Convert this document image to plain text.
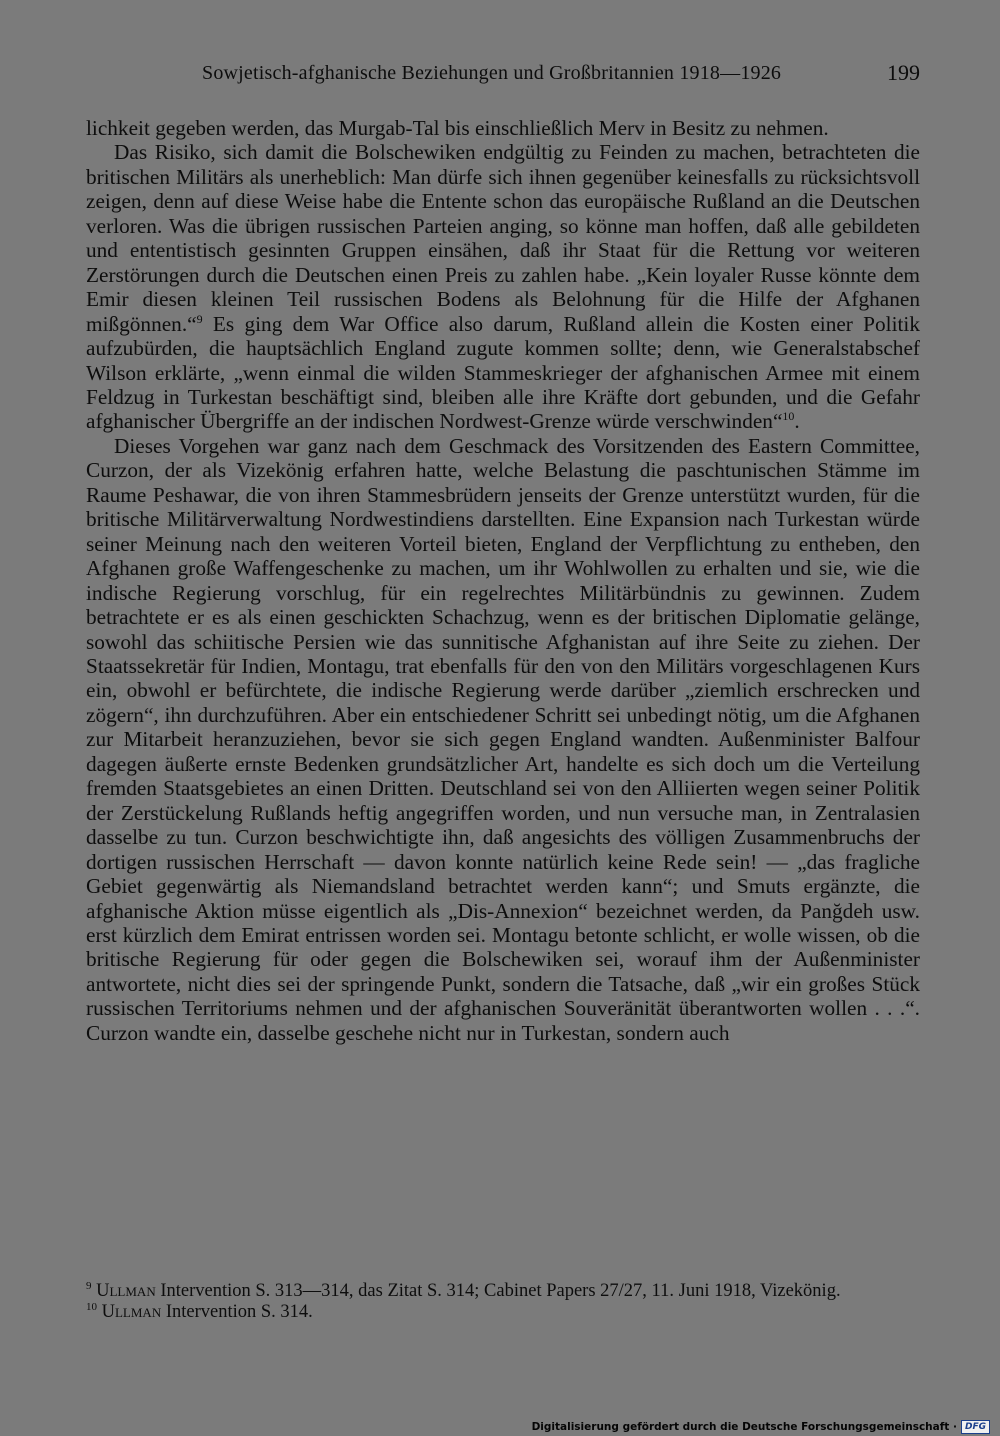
Sowjetisch-afghanische Beziehungen und Großbritannien 1918—1926	199

lichkeit gegeben werden, das Murgab-Tal bis einschließlich Merv in Besitz zu nehmen.

Das Risiko, sich damit die Bolschewiken endgültig zu Feinden zu machen, betrachteten die britischen Militärs als unerheblich: Man dürfe sich ihnen gegenüber keinesfalls zu rücksichtsvoll zeigen, denn auf diese Weise habe die Entente schon das europäische Rußland an die Deutschen verloren. Was die übrigen russischen Parteien anging, so könne man hoffen, daß alle gebildeten und ententistisch gesinnten Gruppen einsähen, daß ihr Staat für die Rettung vor weiteren Zerstörungen durch die Deutschen einen Preis zu zahlen habe. „Kein loyaler Russe könnte dem Emir diesen kleinen Teil russischen Bodens als Belohnung für die Hilfe der Afghanen mißgönnen.“$^9$ Es ging dem War Office also darum, Rußland allein die Kosten einer Politik aufzubürden, die hauptsächlich England zugute kommen sollte; denn, wie Generalstabschef Wilson erklärte, „wenn einmal die wilden Stammeskrieger der afghanischen Armee mit einem Feldzug in Turkestan beschäftigt sind, bleiben alle ihre Kräfte dort gebunden, und die Gefahr afghanischer Übergriffe an der indischen Nordwest-Grenze würde verschwinden“$^{10}$.

Dieses Vorgehen war ganz nach dem Geschmack des Vorsitzenden des Eastern Committee, Curzon, der als Vizekönig erfahren hatte, welche Belastung die paschtunischen Stämme im Raume Peshawar, die von ihren Stammesbrüdern jenseits der Grenze unterstützt wurden, für die britische Militärverwaltung Nordwestindiens darstellten. Eine Expansion nach Turkestan würde seiner Meinung nach den weiteren Vorteil bieten, England der Verpflichtung zu entheben, den Afghanen große Waffengeschenke zu machen, um ihr Wohlwollen zu erhalten und sie, wie die indische Regierung vorschlug, für ein regelrechtes Militärbündnis zu gewinnen. Zudem betrachtete er es als einen geschickten Schachzug, wenn es der britischen Diplomatie gelänge, sowohl das schiitische Persien wie das sunnitische Afghanistan auf ihre Seite zu ziehen. Der Staatssekretär für Indien, Montagu, trat ebenfalls für den von den Militärs vorgeschlagenen Kurs ein, obwohl er befürchtete, die indische Regierung werde darüber „ziemlich erschrecken und zögern“, ihn durchzuführen. Aber ein entschiedener Schritt sei unbedingt nötig, um die Afghanen zur Mitarbeit heranzuziehen, bevor sie sich gegen England wandten. Außenminister Balfour dagegen äußerte ernste Bedenken grundsätzlicher Art, handelte es sich doch um die Verteilung fremden Staatsgebietes an einen Dritten. Deutschland sei von den Alliierten wegen seiner Politik der Zerstückelung Rußlands heftig angegriffen worden, und nun versuche man, in Zentralasien dasselbe zu tun. Curzon beschwichtigte ihn, daß angesichts des völligen Zusammenbruchs der dortigen russischen Herrschaft — davon konnte natürlich keine Rede sein! — „das fragliche Gebiet gegenwärtig als Niemandsland betrachtet werden kann“; und Smuts ergänzte, die afghanische Aktion müsse eigentlich als „Dis-Annexion“ bezeichnet werden, da Panğdeh usw. erst kürzlich dem Emirat entrissen worden sei. Montagu betonte schlicht, er wolle wissen, ob die britische Regierung für oder gegen die Bolschewiken sei, worauf ihm der Außenminister antwortete, nicht dies sei der springende Punkt, sondern die Tatsache, daß „wir ein großes Stück russischen Territoriums nehmen und der afghanischen Souveränität überantworten wollen . . .“. Curzon wandte ein, dasselbe geschehe nicht nur in Turkestan, sondern auch

$^9$ Ullman Intervention S. 313—314, das Zitat S. 314; Cabinet Papers 27/27, 11. Juni 1918, Vizekönig.$^{10}$ Ullman Intervention S. 314.

Digitalisierung gefördert durch die Deutsche Forschungsgemeinschaft · DFG
